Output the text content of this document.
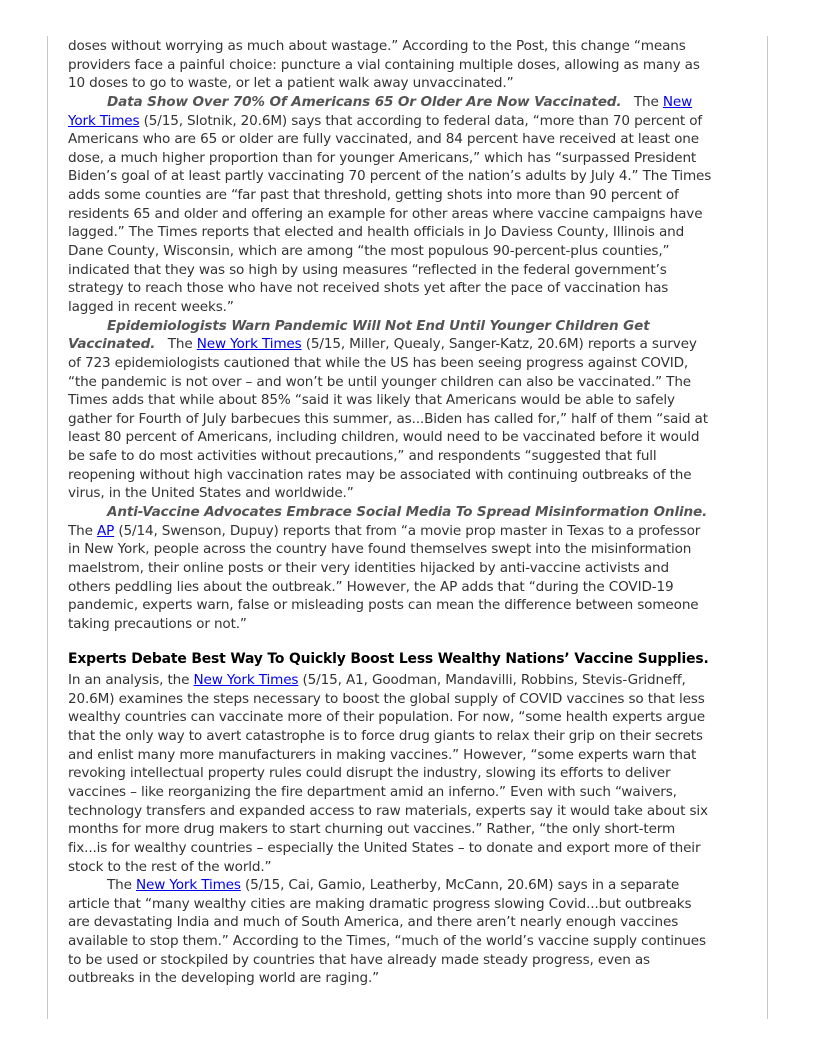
doses without worrying as much about wastage.” According to the Post, this change “means
providers face a painful choice: puncture a vial containing multiple doses, allowing as many as
10 doses to go to waste, or let a patient walk away unvaccinated.”
Data Show Over 70% Of Americans 65 Or Older Are Now Vaccinated. The New
York Times (5/15, Slotnik, 20.6M) says that according to federal data, “more than 70 percent of
Americans who are 65 or older are fully vaccinated, and 84 percent have received at least one
dose, a much higher proportion than for younger Americans,” which has “surpassed President
Biden’s goal of at least partly vaccinating 70 percent of the nation’s adults by July 4.” The Times
adds some counties are “far past that threshold, getting shots into more than 90 percent of
residents 65 and older and offering an example for other areas where vaccine campaigns have
lagged.” The Times reports that elected and health officials in Jo Daviess County, Illinois and
Dane County, Wisconsin, which are among “the most populous 90-percent-plus counties,”
indicated that they was so high by using measures “reflected in the federal government’s
strategy to reach those who have not received shots yet after the pace of vaccination has
lagged in recent weeks.”
Epidemiologists Warn Pandemic Will Not End Until Younger Children Get
Vaccinated. The New York Times (5/15, Miller, Quealy, Sanger-Katz, 20.6M) reports a survey
of 723 epidemiologists cautioned that while the US has been seeing progress against COVID,
“the pandemic is not over – and won’t be until younger children can also be vaccinated.” The
Times adds that while about 85% “said it was likely that Americans would be able to safely
gather for Fourth of July barbecues this summer, as...Biden has called for,” half of them “said at
least 80 percent of Americans, including children, would need to be vaccinated before it would
be safe to do most activities without precautions,” and respondents “suggested that full
reopening without high vaccination rates may be associated with continuing outbreaks of the
virus, in the United States and worldwide.”
Anti-Vaccine Advocates Embrace Social Media To Spread Misinformation Online.
The AP (5/14, Swenson, Dupuy) reports that from “a movie prop master in Texas to a professor
in New York, people across the country have found themselves swept into the misinformation
maelstrom, their online posts or their very identities hijacked by anti-vaccine activists and
others peddling lies about the outbreak.” However, the AP adds that “during the COVID-19
pandemic, experts warn, false or misleading posts can mean the difference between someone
taking precautions or not.”
Experts Debate Best Way To Quickly Boost Less Wealthy Nations’ Vaccine Supplies.
In an analysis, the New York Times (5/15, A1, Goodman, Mandavilli, Robbins, Stevis-Gridneff,
20.6M) examines the steps necessary to boost the global supply of COVID vaccines so that less
wealthy countries can vaccinate more of their population. For now, “some health experts argue
that the only way to avert catastrophe is to force drug giants to relax their grip on their secrets
and enlist many more manufacturers in making vaccines.” However, “some experts warn that
revoking intellectual property rules could disrupt the industry, slowing its efforts to deliver
vaccines – like reorganizing the fire department amid an inferno.” Even with such “waivers,
technology transfers and expanded access to raw materials, experts say it would take about six
months for more drug makers to start churning out vaccines.” Rather, “the only short-term
fix...is for wealthy countries – especially the United States – to donate and export more of their
stock to the rest of the world.”
The New York Times (5/15, Cai, Gamio, Leatherby, McCann, 20.6M) says in a separate
article that “many wealthy cities are making dramatic progress slowing Covid...but outbreaks
are devastating India and much of South America, and there aren’t nearly enough vaccines
available to stop them.” According to the Times, “much of the world’s vaccine supply continues
to be used or stockpiled by countries that have already made steady progress, even as
outbreaks in the developing world are raging.”
